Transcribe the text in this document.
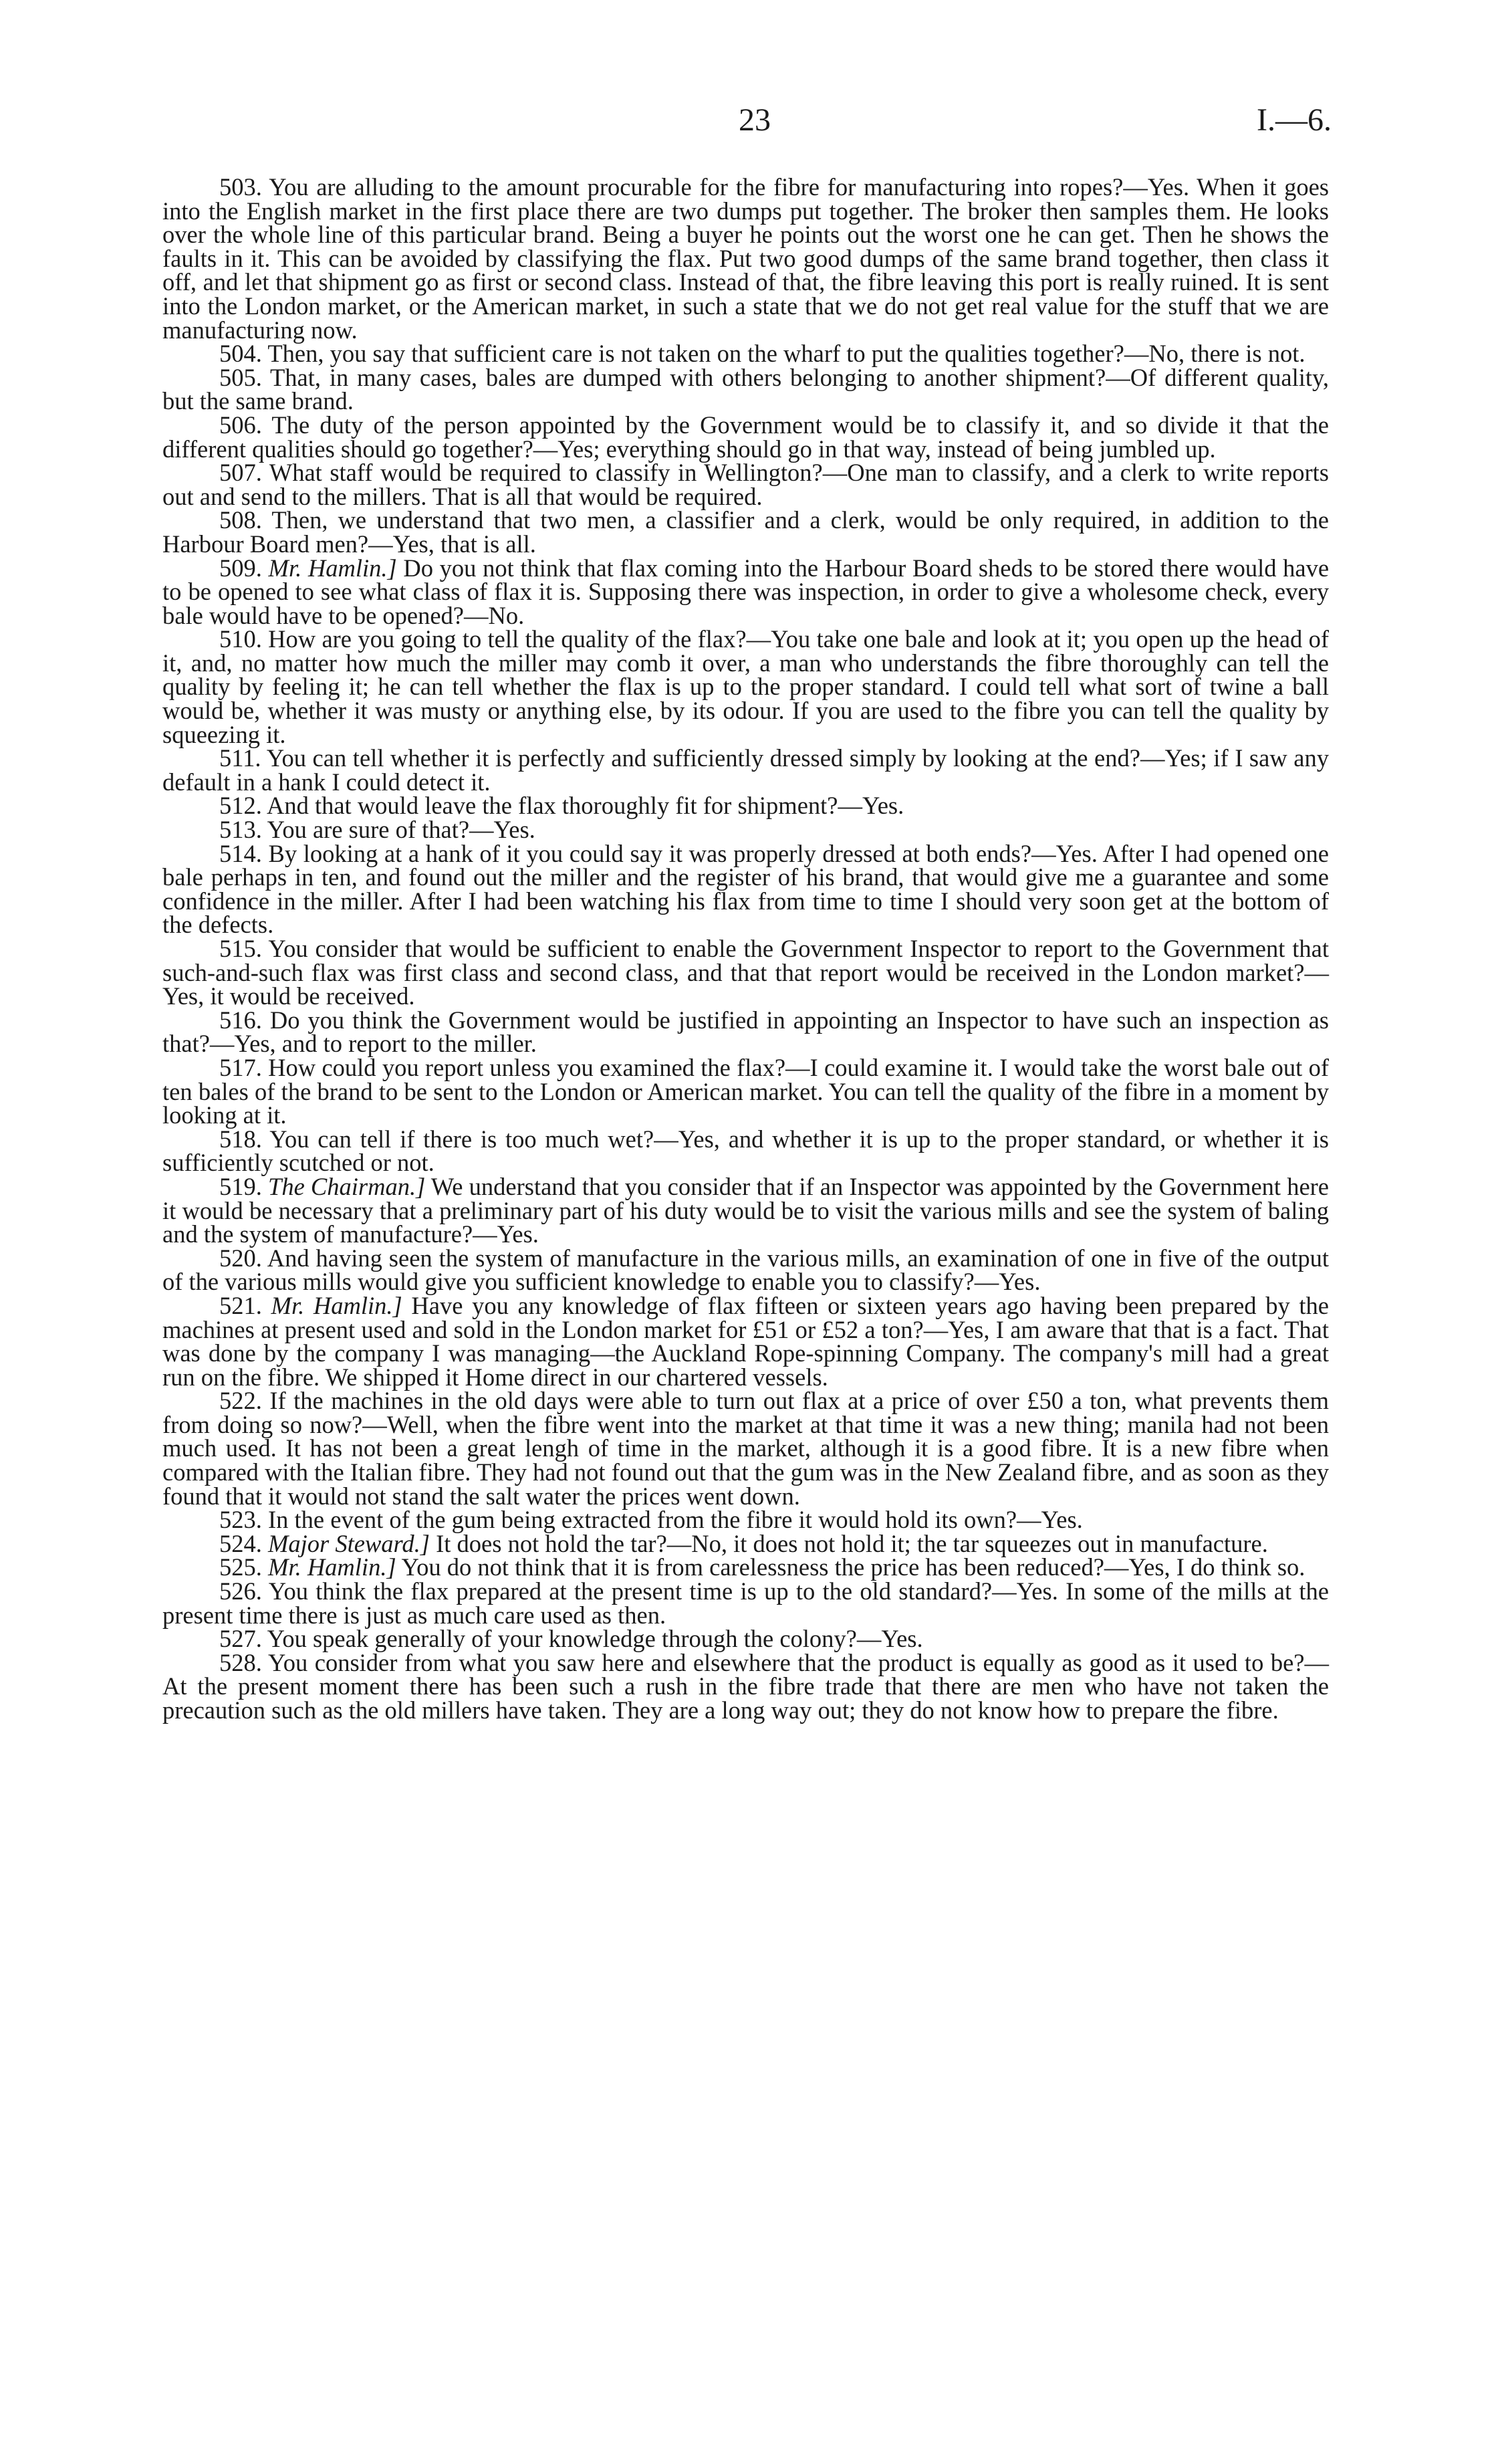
23	I.—6.

503. You are alluding to the amount procurable for the fibre for manufacturing into ropes?—Yes. When it goes into the English market in the first place there are two dumps put together. The broker then samples them. He looks over the whole line of this particular brand. Being a buyer he points out the worst one he can get. Then he shows the faults in it. This can be avoided by classifying the flax. Put two good dumps of the same brand together, then class it off, and let that shipment go as first or second class. Instead of that, the fibre leaving this port is really ruined. It is sent into the London market, or the American market, in such a state that we do not get real value for the stuff that we are manufacturing now.

504. Then, you say that sufficient care is not taken on the wharf to put the qualities together?—No, there is not.

505. That, in many cases, bales are dumped with others belonging to another shipment?—Of different quality, but the same brand.

506. The duty of the person appointed by the Government would be to classify it, and so divide it that the different qualities should go together?—Yes; everything should go in that way, instead of being jumbled up.

507. What staff would be required to classify in Wellington?—One man to classify, and a clerk to write reports out and send to the millers. That is all that would be required.

508. Then, we understand that two men, a classifier and a clerk, would be only required, in addition to the Harbour Board men?—Yes, that is all.

509. Mr. Hamlin.] Do you not think that flax coming into the Harbour Board sheds to be stored there would have to be opened to see what class of flax it is. Supposing there was inspection, in order to give a wholesome check, every bale would have to be opened?—No.

510. How are you going to tell the quality of the flax?—You take one bale and look at it; you open up the head of it, and, no matter how much the miller may comb it over, a man who understands the fibre thoroughly can tell the quality by feeling it; he can tell whether the flax is up to the proper standard. I could tell what sort of twine a ball would be, whether it was musty or anything else, by its odour. If you are used to the fibre you can tell the quality by squeezing it.

511. You can tell whether it is perfectly and sufficiently dressed simply by looking at the end?—Yes; if I saw any default in a hank I could detect it.

512. And that would leave the flax thoroughly fit for shipment?—Yes.

513. You are sure of that?—Yes.

514. By looking at a hank of it you could say it was properly dressed at both ends?—Yes. After I had opened one bale perhaps in ten, and found out the miller and the register of his brand, that would give me a guarantee and some confidence in the miller. After I had been watching his flax from time to time I should very soon get at the bottom of the defects.

515. You consider that would be sufficient to enable the Government Inspector to report to the Government that such-and-such flax was first class and second class, and that that report would be received in the London market?—Yes, it would be received.

516. Do you think the Government would be justified in appointing an Inspector to have such an inspection as that?—Yes, and to report to the miller.

517. How could you report unless you examined the flax?—I could examine it. I would take the worst bale out of ten bales of the brand to be sent to the London or American market. You can tell the quality of the fibre in a moment by looking at it.

518. You can tell if there is too much wet?—Yes, and whether it is up to the proper standard, or whether it is sufficiently scutched or not.

519. The Chairman.] We understand that you consider that if an Inspector was appointed by the Government here it would be necessary that a preliminary part of his duty would be to visit the various mills and see the system of baling and the system of manufacture?—Yes.

520. And having seen the system of manufacture in the various mills, an examination of one in five of the output of the various mills would give you sufficient knowledge to enable you to classify?—Yes.

521. Mr. Hamlin.] Have you any knowledge of flax fifteen or sixteen years ago having been prepared by the machines at present used and sold in the London market for £51 or £52 a ton?—Yes, I am aware that that is a fact. That was done by the company I was managing—the Auckland Rope-spinning Company. The company's mill had a great run on the fibre. We shipped it Home direct in our chartered vessels.

522. If the machines in the old days were able to turn out flax at a price of over £50 a ton, what prevents them from doing so now?—Well, when the fibre went into the market at that time it was a new thing; manila had not been much used. It has not been a great lengh of time in the market, although it is a good fibre. It is a new fibre when compared with the Italian fibre. They had not found out that the gum was in the New Zealand fibre, and as soon as they found that it would not stand the salt water the prices went down.

523. In the event of the gum being extracted from the fibre it would hold its own?—Yes.

524. Major Steward.] It does not hold the tar?—No, it does not hold it; the tar squeezes out in manufacture.

525. Mr. Hamlin.] You do not think that it is from carelessness the price has been reduced?—Yes, I do think so.

526. You think the flax prepared at the present time is up to the old standard?—Yes. In some of the mills at the present time there is just as much care used as then.

527. You speak generally of your knowledge through the colony?—Yes.

528. You consider from what you saw here and elsewhere that the product is equally as good as it used to be?—At the present moment there has been such a rush in the fibre trade that there are men who have not taken the precaution such as the old millers have taken. They are a long way out; they do not know how to prepare the fibre.
